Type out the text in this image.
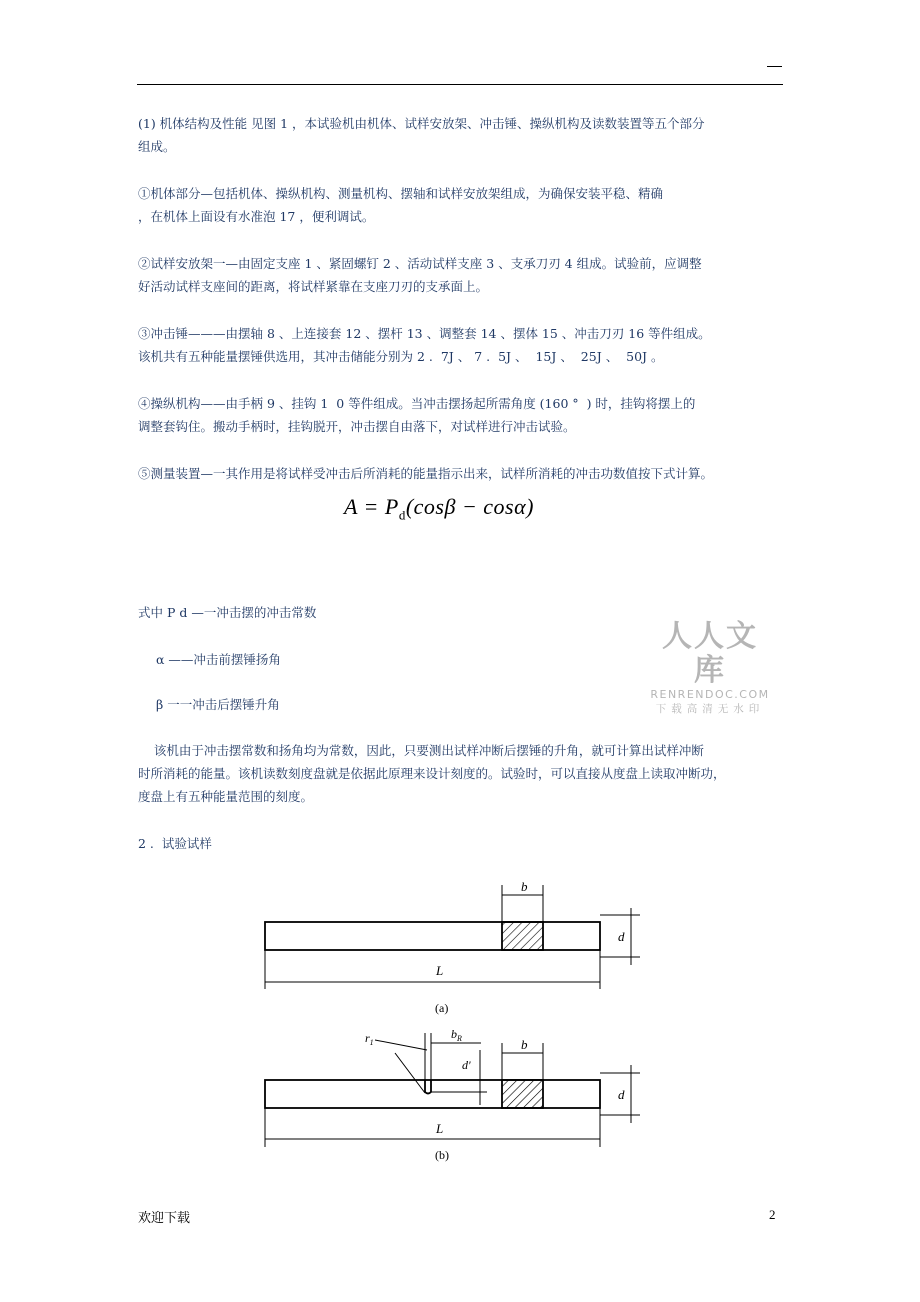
(1) 机体结构及性能 见图 1 ，本试验机由机体、试样安放架、冲击锤、操纵机构及读数装置等五个部分
组成。
①机体部分—包括机体、操纵机构、测量机构、摆轴和试样安放架组成，为确保安装平稳、精确
，在机体上面设有水准泡 17 ，便利调试。
②试样安放架一—由固定支座 1 、紧固螺钉 2 、活动试样支座 3 、支承刀刃 4 组成。试验前，应调整
好活动试样支座间的距离，将试样紧靠在支座刀刃的支承面上。
③冲击锤———由摆轴 8 、上连接套 12 、摆杆 13 、调整套 14 、摆体 15 、冲击刀刃 16 等件组成。
该机共有五种能量摆锤供选用，其冲击储能分别为 2 .  7J 、 7 .  5J 、  15J 、  25J 、  50J 。
④操纵机构——由手柄 9 、挂钩 1  0 等件组成。当冲击摆扬起所需角度 (160 °  ) 时，挂钩将摆上的
调整套钩住。搬动手柄时，挂钩脱开，冲击摆自由落下，对试样进行冲击试验。
⑤测量装置—一其作用是将试样受冲击后所消耗的能量指示出来，试样所消耗的冲击功数值按下式计算。
$A = P_d(\cos\beta - \cos\alpha)$
式中 P d —一冲击摆的冲击常数
α ——冲击前摆锤扬角
β 一一冲击后摆锤升角
该机由于冲击摆常数和扬角均为常数，因此，只要测出试样冲断后摆锤的升角，就可计算出试样冲断
时所消耗的能量。该机读数刻度盘就是依据此原理来设计刻度的。试验时，可以直接从度盘上读取冲断功，
度盘上有五种能量范围的刻度。
2 .  试验试样
人人文库
RENRENDOC.COM
下载高清无水印
b
d
L
(a)
$r_1$
$b_R$
d'
b
d
L
(b)
欢迎下载	2
